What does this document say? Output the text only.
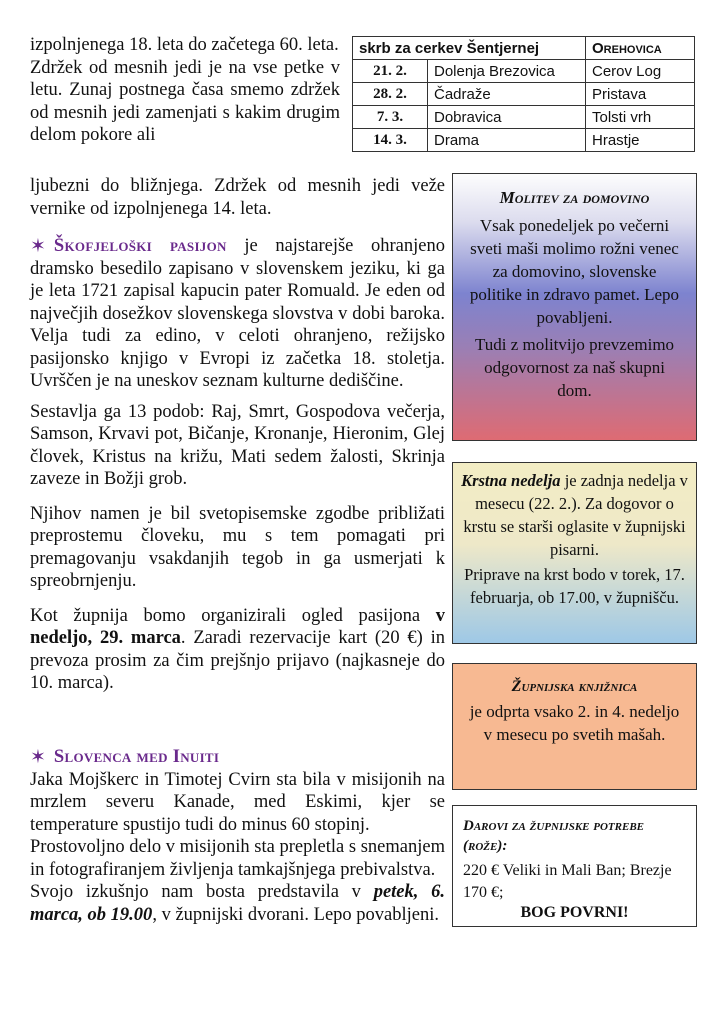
izpolnjenega 18. leta do začetega 60. leta.

Zdržek od mesnih jedi je na vse petke v letu. Zunaj postnega časa smemo zdržek od mesnih jedi zamenjati s kakim drugim delom pokore ali

ljubezni do bližnjega. Zdržek od mesnih jedi veže vernike od izpolnjenega 14. leta.

skrb za cerkev Šentjernej		Orehovica
21. 2.	Dolenja Brezovica	Cerov Log
28. 2.	Čadraže	Pristava
7. 3.	Dobravica	Tolsti vrh
14. 3.	Drama	Hrastje

✶ Škofjeloški pasijon je najstarejše ohranjeno dramsko besedilo zapisano v slovenskem jeziku, ki ga je leta 1721 zapisal kapucin pater Romuald. Je eden od največjih dosežkov slovenskega slovstva v dobi baroka. Velja tudi za edino, v celoti ohranjeno, režijsko pasijonsko knjigo v Evropi iz začetka 18. stoletja. Uvrščen je na uneskov seznam kulturne dediščine.

Sestavlja ga 13 podob: Raj, Smrt, Gospodova večerja, Samson, Krvavi pot, Bičanje, Kronanje, Hieronim, Glej človek, Kristus na križu, Mati sedem žalosti, Skrinja zaveze in Božji grob.

Njihov namen je bil svetopisemske zgodbe približati preprostemu človeku, mu s tem pomagati pri premagovanju vsakdanjih tegob in ga usmerjati k spreobrnjenju.

Kot župnija bomo organizirali ogled pasijona v nedeljo, 29. marca. Zaradi rezervacije kart (20 €) in prevoza prosim za čim prejšnjo prijavo (najkasneje do 10. marca).

✶ Slovenca med Inuiti

Jaka Mojškerc in Timotej Cvirn sta bila v misijonih na mrzlem severu Kanade, med Eskimi, kjer se temperature spustijo tudi do minus 60 stopinj.

Prostovoljno delo v misijonih sta prepletla s snemanjem in fotografiranjem življenja tamkajšnjega prebivalstva.

Svojo izkušnjo nam bosta predstavila v petek, 6. marca, ob 19.00, v župnijski dvorani. Lepo povabljeni.

Molitev za domovino
Vsak ponedeljek po večerni sveti maši molimo rožni venec za domovino, slovenske politike in zdravo pamet. Lepo povabljeni.
Tudi z molitvijo prevzemimo odgovornost za naš skupni dom.
Krstna nedelja je zadnja nedelja v mesecu (22. 2.). Za dogovor o krstu se starši oglasite v župnijski pisarni.
Priprave na krst bodo v torek, 17. februarja, ob 17.00, v župnišču.
Župnijska knjižnica
je odprta vsako 2. in 4. nedeljo v mesecu po svetih mašah.
Darovi za župnijske potrebe (rože):
220 € Veliki in Mali Ban; Brezje 170 €;
BOG POVRNI!
